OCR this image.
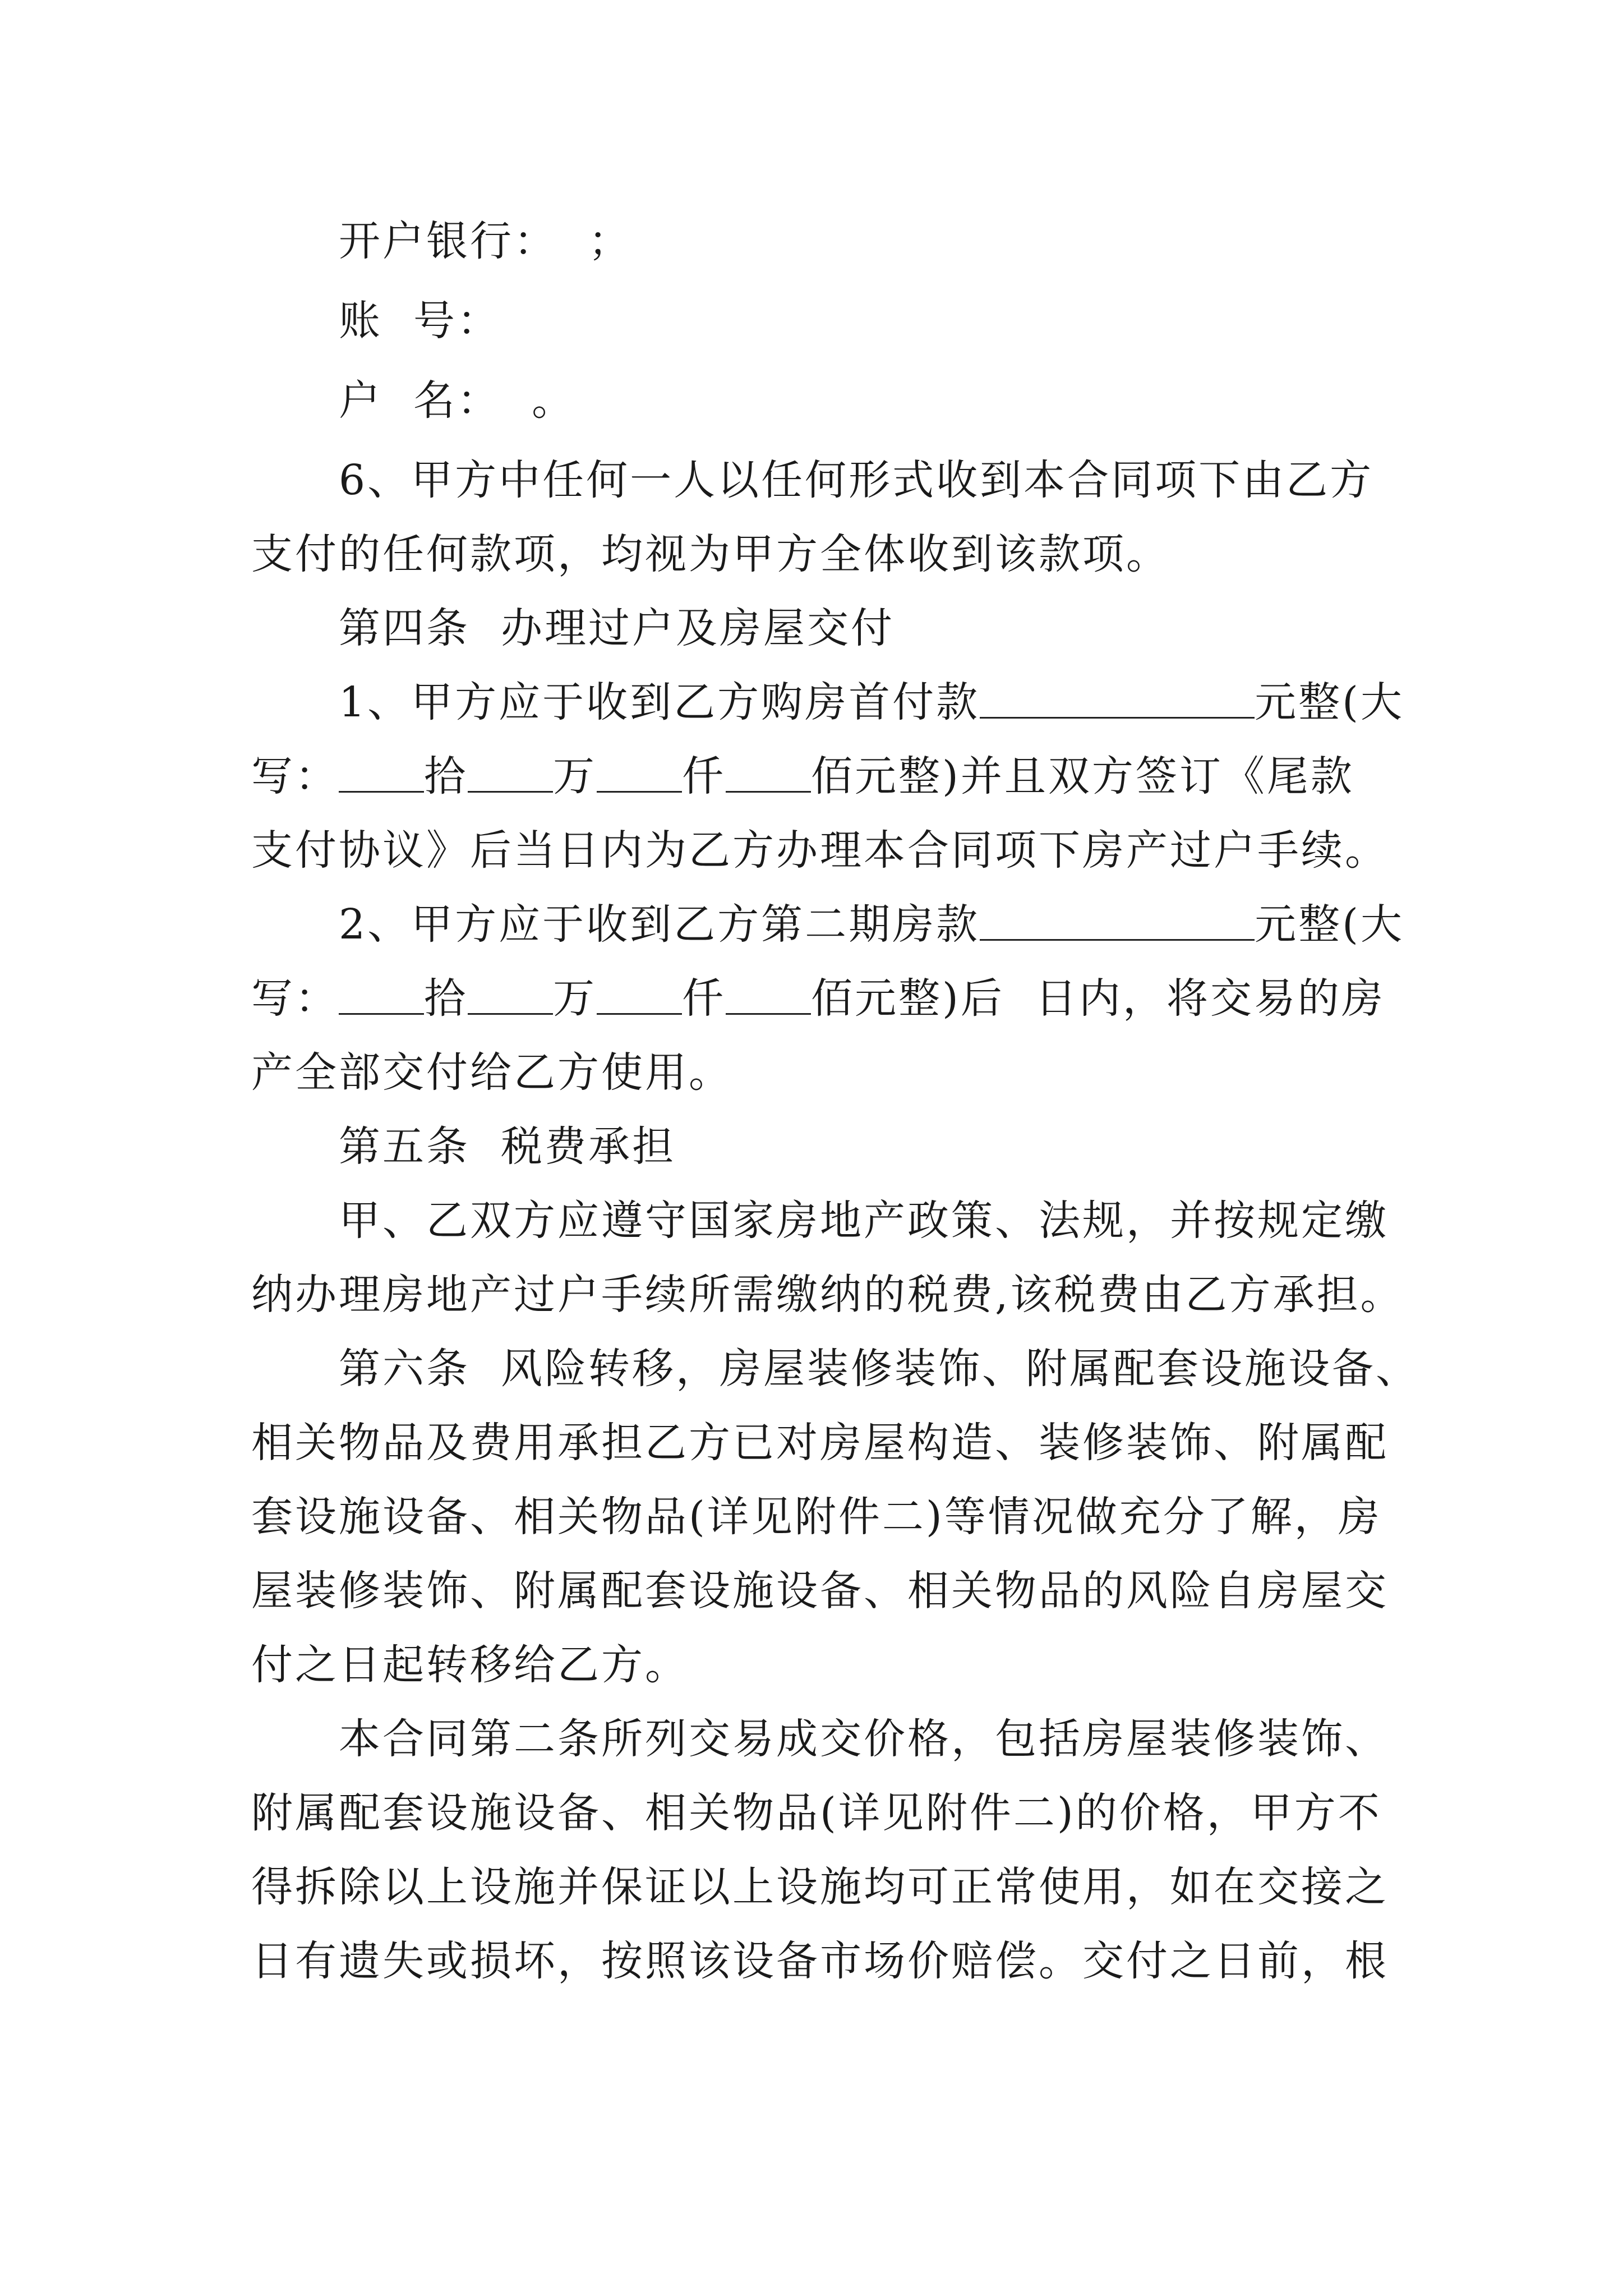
开户银行：  ；
账  号：
户  名：  。
6、甲方中任何一人以任何形式收到本合同项下由乙方
支付的任何款项，均视为甲方全体收到该款项。
第四条  办理过户及房屋交付
1、甲方应于收到乙方购房首付款	元整(大
写： 拾 万 仟 佰元整)并且双方签订《尾款
支付协议》后当日内为乙方办理本合同项下房产过户手续。
2、甲方应于收到乙方第二期房款	元整(大
写： 拾 万 仟 佰元整)后  日内，将交易的房
产全部交付给乙方使用。
第五条  税费承担
甲、乙双方应遵守国家房地产政策、法规，并按规定缴
纳办理房地产过户手续所需缴纳的税费,该税费由乙方承担。
第六条  风险转移，房屋装修装饰、附属配套设施设备、
相关物品及费用承担乙方已对房屋构造、装修装饰、附属配
套设施设备、相关物品(详见附件二)等情况做充分了解，房
屋装修装饰、附属配套设施设备、相关物品的风险自房屋交
付之日起转移给乙方。
本合同第二条所列交易成交价格，包括房屋装修装饰、
附属配套设施设备、相关物品(详见附件二)的价格，甲方不
得拆除以上设施并保证以上设施均可正常使用，如在交接之
日有遗失或损坏，按照该设备市场价赔偿。交付之日前，根
